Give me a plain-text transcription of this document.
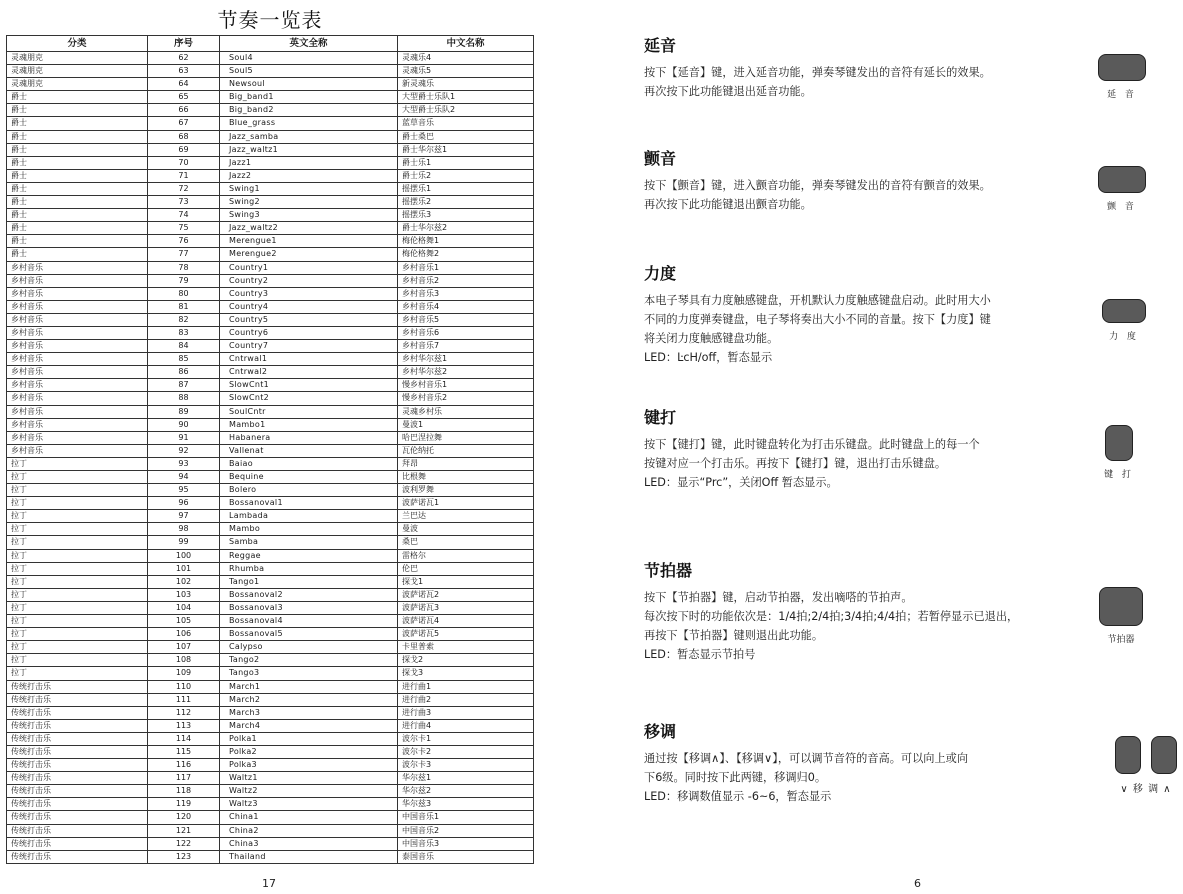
节奏一览表
分类	序号	英文全称	中文名称
灵魂朋克	62	Soul4	灵魂乐4
灵魂朋克	63	Soul5	灵魂乐5
灵魂朋克	64	Newsoul	新灵魂乐
爵士	65	Big_band1	大型爵士乐队1
爵士	66	Big_band2	大型爵士乐队2
爵士	67	Blue_grass	蓝草音乐
爵士	68	Jazz_samba	爵士桑巴
爵士	69	Jazz_waltz1	爵士华尔兹1
爵士	70	Jazz1	爵士乐1
爵士	71	Jazz2	爵士乐2
爵士	72	Swing1	摇摆乐1
爵士	73	Swing2	摇摆乐2
爵士	74	Swing3	摇摆乐3
爵士	75	Jazz_waltz2	爵士华尔兹2
爵士	76	Merengue1	梅伦格舞1
爵士	77	Merengue2	梅伦格舞2
乡村音乐	78	Country1	乡村音乐1
乡村音乐	79	Country2	乡村音乐2
乡村音乐	80	Country3	乡村音乐3
乡村音乐	81	Country4	乡村音乐4
乡村音乐	82	Country5	乡村音乐5
乡村音乐	83	Country6	乡村音乐6
乡村音乐	84	Country7	乡村音乐7
乡村音乐	85	Cntrwal1	乡村华尔兹1
乡村音乐	86	Cntrwal2	乡村华尔兹2
乡村音乐	87	SlowCnt1	慢乡村音乐1
乡村音乐	88	SlowCnt2	慢乡村音乐2
乡村音乐	89	SoulCntr	灵魂乡村乐
乡村音乐	90	Mambo1	曼波1
乡村音乐	91	Habanera	哈巴涅拉舞
乡村音乐	92	Vallenat	瓦伦纳托
拉丁	93	Baiao	拜昂
拉丁	94	Bequine	比根舞
拉丁	95	Bolero	波利罗舞
拉丁	96	Bossanoval1	波萨诺瓦1
拉丁	97	Lambada	兰巴达
拉丁	98	Mambo	曼波
拉丁	99	Samba	桑巴
拉丁	100	Reggae	雷格尔
拉丁	101	Rhumba	伦巴
拉丁	102	Tango1	探戈1
拉丁	103	Bossanoval2	波萨诺瓦2
拉丁	104	Bossanoval3	波萨诺瓦3
拉丁	105	Bossanoval4	波萨诺瓦4
拉丁	106	Bossanoval5	波萨诺瓦5
拉丁	107	Calypso	卡里普索
拉丁	108	Tango2	探戈2
拉丁	109	Tango3	探戈3
传统打击乐	110	March1	进行曲1
传统打击乐	111	March2	进行曲2
传统打击乐	112	March3	进行曲3
传统打击乐	113	March4	进行曲4
传统打击乐	114	Polka1	波尔卡1
传统打击乐	115	Polka2	波尔卡2
传统打击乐	116	Polka3	波尔卡3
传统打击乐	117	Waltz1	华尔兹1
传统打击乐	118	Waltz2	华尔兹2
传统打击乐	119	Waltz3	华尔兹3
传统打击乐	120	China1	中国音乐1
传统打击乐	121	China2	中国音乐2
传统打击乐	122	China3	中国音乐3
传统打击乐	123	Thailand	泰国音乐
17
延音

按下【延音】键，进入延音功能，弹奏琴键发出的音符有延长的效果。
再次按下此功能键退出延音功能。	延 音
颤音

按下【颤音】键，进入颤音功能，弹奏琴键发出的音符有颤音的效果。
再次按下此功能键退出颤音功能。	颤 音
力度

本电子琴具有力度触感键盘，开机默认力度触感键盘启动。此时用大小
不同的力度弹奏键盘，电子琴将奏出大小不同的音量。按下【力度】键
将关闭力度触感键盘功能。
LED：ĿcH/off，暂态显示

力 度
键打

按下【键打】键，此时键盘转化为打击乐键盘。此时键盘上的每一个
按键对应一个打击乐。再按下【键打】键，退出打击乐键盘。
LED：显示“Prc”，关闭Off 暂态显示。

键 打
节拍器

按下【节拍器】键，启动节拍器，发出嘀嗒的节拍声。
每次按下时的功能依次是：1/4拍;2/4拍;3/4拍;4/4拍；若暂停显示已退出，
再按下【节拍器】键则退出此功能。
LED：暂态显示节拍号

节拍器
移调

通过按【移调∧】、【移调∨】，可以调节音符的音高。可以向上或向
下6级。同时按下此两键，移调归0。
LED：移调数值显示 -6~6，暂态显示

∨ 移 调 ∧
6
